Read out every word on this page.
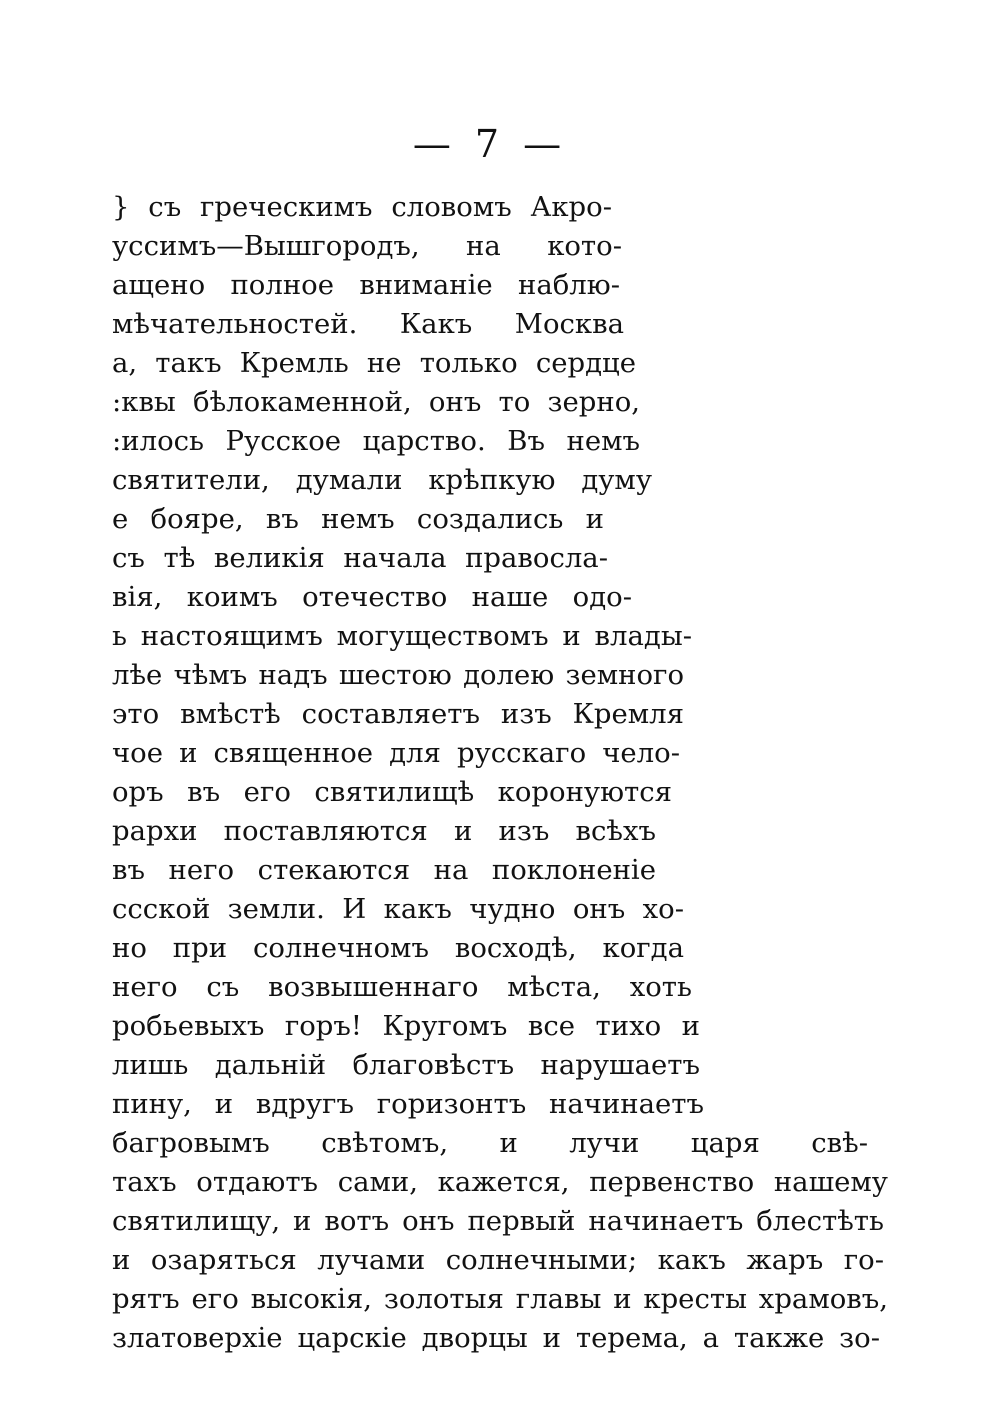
— 7 —
} съ греческимъ словомъ Акро-
уссимъ—Вышгородъ, на кото-
ащено полное вниманіе наблю-
мѣчательностей. Какъ Москва
а, такъ Кремль не только сердце
:квы бѣлокаменной, онъ то зерно,
:илось Русское царство. Въ немъ
святители, думали крѣпкую думу
е бояре, въ немъ создались и
съ тѣ великія начала правосла-
вія, коимъ отечество наше одо-
ь настоящимъ могуществомъ и влады-
лѣе чѣмъ надъ шестою долею земного
это вмѣстѣ составляетъ изъ Кремля
чое и священное для русскаго чело-
оръ въ его святилищѣ коронуются
рархи поставляются и изъ всѣхъ
въ него стекаются на поклоненіе
ссской земли. И какъ чудно онъ хо-
но при солнечномъ восходѣ, когда
него съ возвышеннаго мѣста, хоть
робьевыхъ горъ! Кругомъ все тихо и
лишь дальній благовѣстъ нарушаетъ
пину, и вдругъ горизонтъ начинаетъ
багровымъ свѣтомъ, и лучи царя свѣ-
тахъ отдаютъ сами, кажется, первенство нашему
святилищу, и вотъ онъ первый начинаетъ блестѣть
и озаряться лучами солнечными; какъ жаръ го-
рятъ его высокія, золотыя главы и кресты храмовъ,
златоверхіе царскіе дворцы и терема, а также зо-
